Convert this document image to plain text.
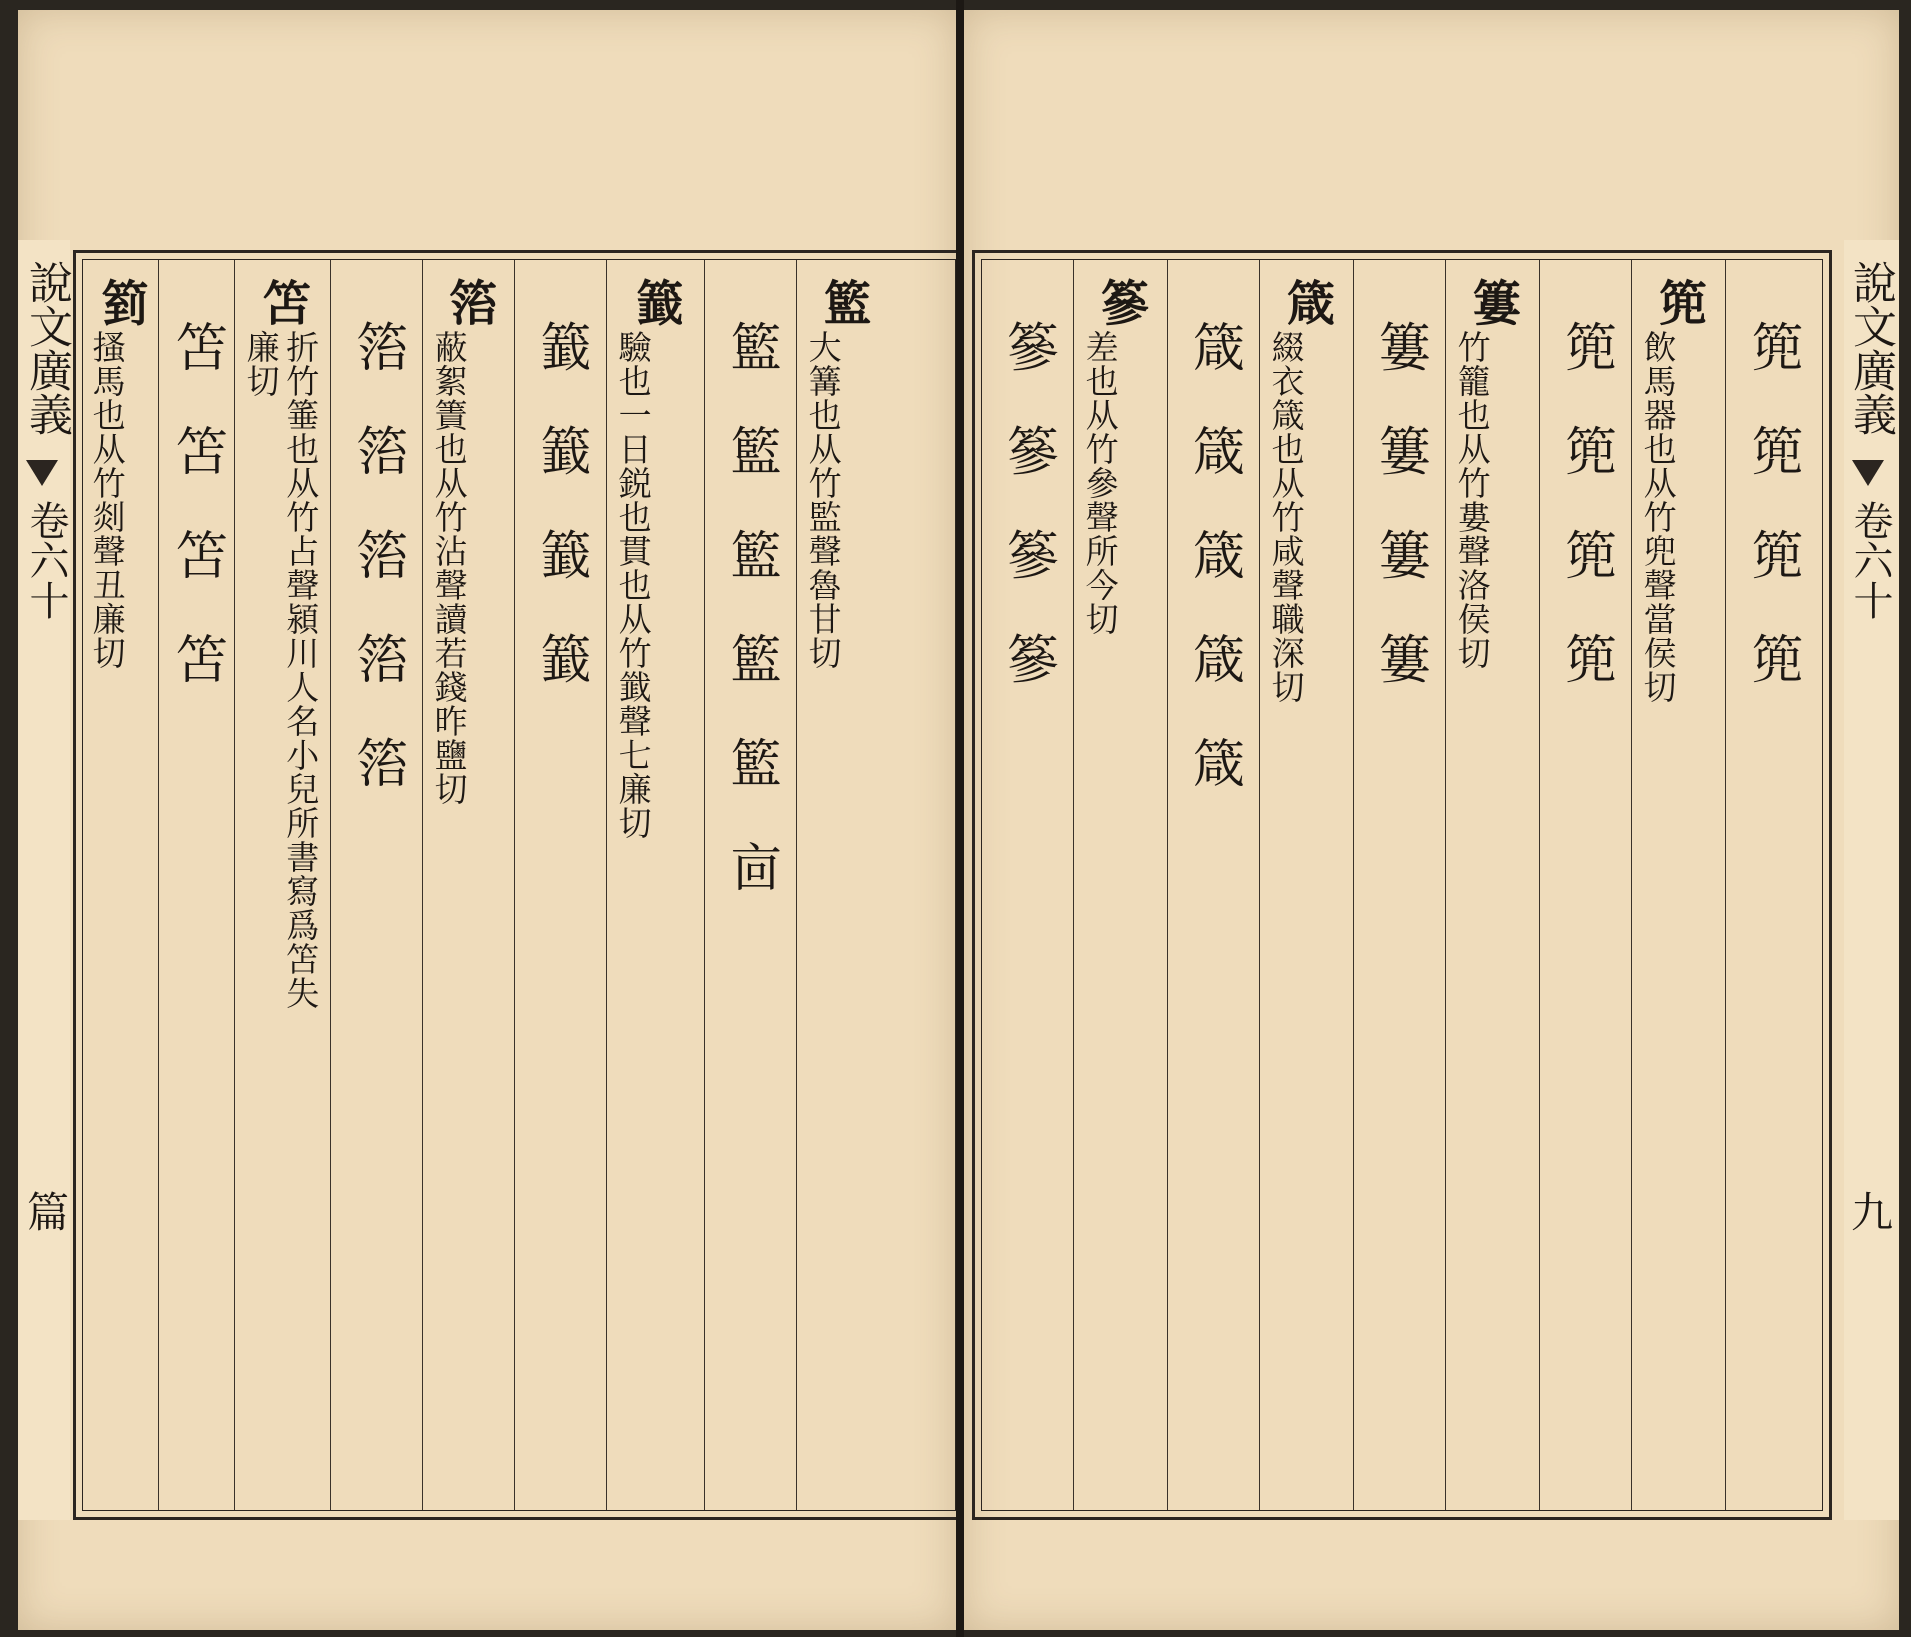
說文廣義
卷六十
篇
箌
搔馬也从竹剡聲丑廉切 笘笘笘笘
笘
折竹箠也从竹占聲潁川人名小兒所書寫爲笘失廉切	箈箈箈箈箈
箈
蔽絮簀也从竹沾聲讀若錢昨鹽切 籖籖籖籖
籖
驗也一日鋭也貫也从竹韱聲七廉切 籃籃籃籃籃㐭
籃
大篝也从竹監聲魯甘切	篸篸篸篸
篸
差也从竹參聲所今切 箴箴箴箴箴
箴
綴衣箴也从竹咸聲職深切 簍簍簍簍
簍
竹籠也从竹婁聲洛侯切 篼篼篼篼
篼
飲馬器也从竹兜聲當侯切 篼篼篼篼 說文廣義
卷六十
九
